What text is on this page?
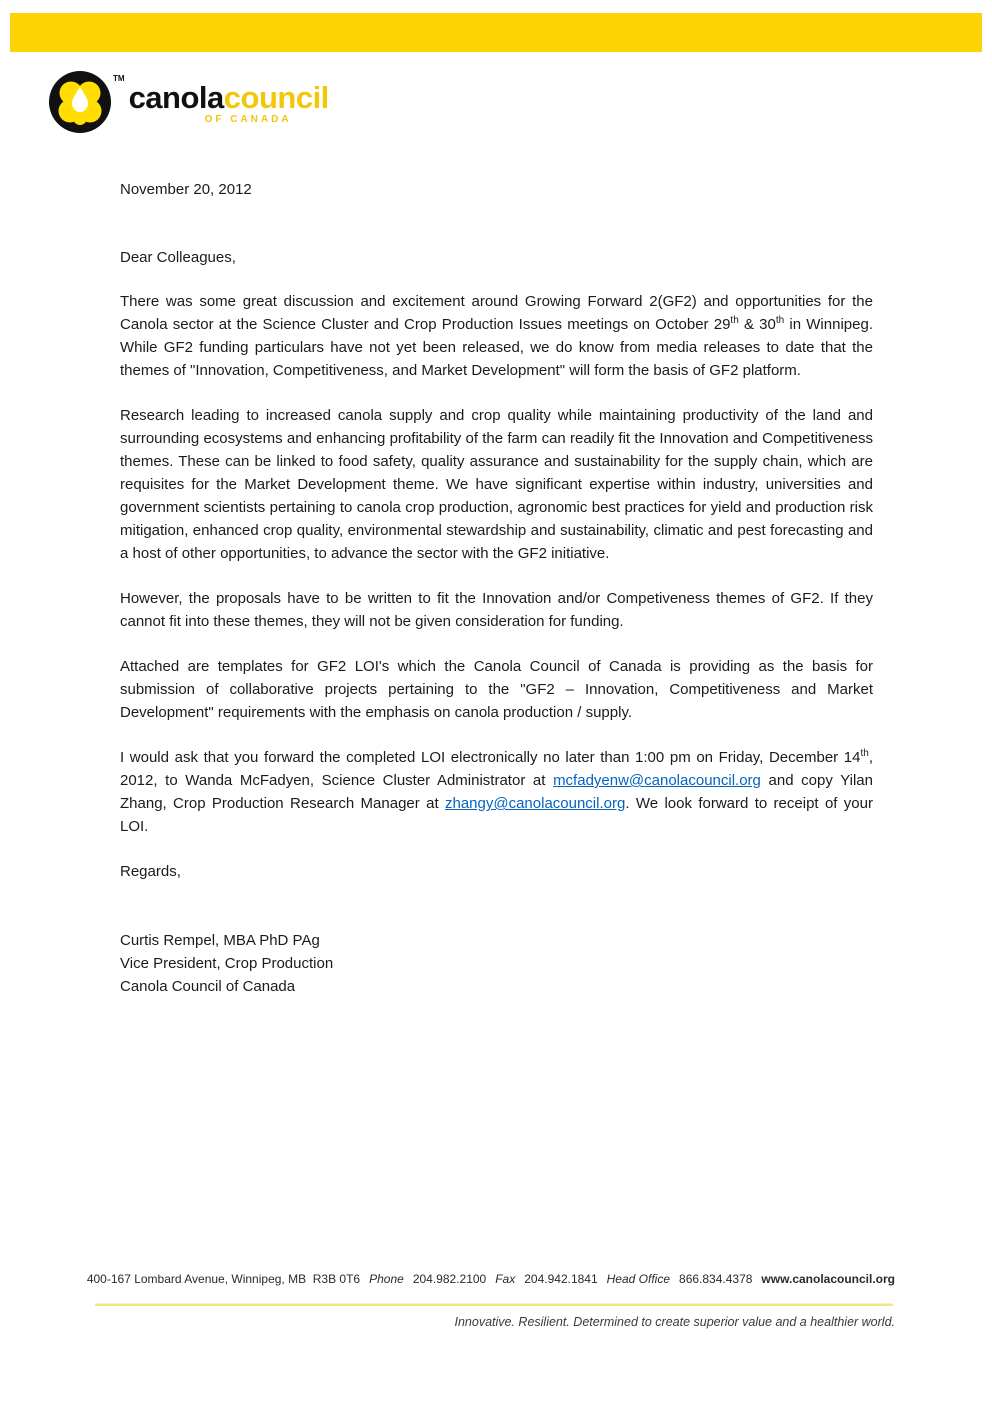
TM
canolacouncil
OF CANADA

November 20, 2012

Dear Colleagues,

There was some great discussion and excitement around Growing Forward 2(GF2) and opportunities for the Canola sector at the Science Cluster and Crop Production Issues meetings on October 29th & 30th in Winnipeg. While GF2 funding particulars have not yet been released, we do know from media releases to date that the themes of "Innovation, Competitiveness, and Market Development" will form the basis of GF2 platform.

Research leading to increased canola supply and crop quality while maintaining productivity of the land and surrounding ecosystems and enhancing profitability of the farm can readily fit the Innovation and Competitiveness themes. These can be linked to food safety, quality assurance and sustainability for the supply chain, which are requisites for the Market Development theme. We have significant expertise within industry, universities and government scientists pertaining to canola crop production, agronomic best practices for yield and production risk mitigation, enhanced crop quality, environmental stewardship and sustainability, climatic and pest forecasting and a host of other opportunities, to advance the sector with the GF2 initiative.

However, the proposals have to be written to fit the Innovation and/or Competiveness themes of GF2. If they cannot fit into these themes, they will not be given consideration for funding.

Attached are templates for GF2 LOI's which the Canola Council of Canada is providing as the basis for submission of collaborative projects pertaining to the "GF2 – Innovation, Competitiveness and Market Development" requirements with the emphasis on canola production / supply.

I would ask that you forward the completed LOI electronically no later than 1:00 pm on Friday, December 14th, 2012, to Wanda McFadyen, Science Cluster Administrator at mcfadyenw@canolacouncil.org and copy Yilan Zhang, Crop Production Research Manager at zhangy@canolacouncil.org. We look forward to receipt of your LOI.

Regards,

Curtis Rempel, MBA PhD PAg
Vice President, Crop Production
Canola Council of Canada
400-167 Lombard Avenue, Winnipeg, MB  R3B 0T6 Phone 204.982.2100 Fax 204.942.1841 Head Office 866.834.4378 www.canolacouncil.org
Innovative. Resilient. Determined to create superior value and a healthier world.
